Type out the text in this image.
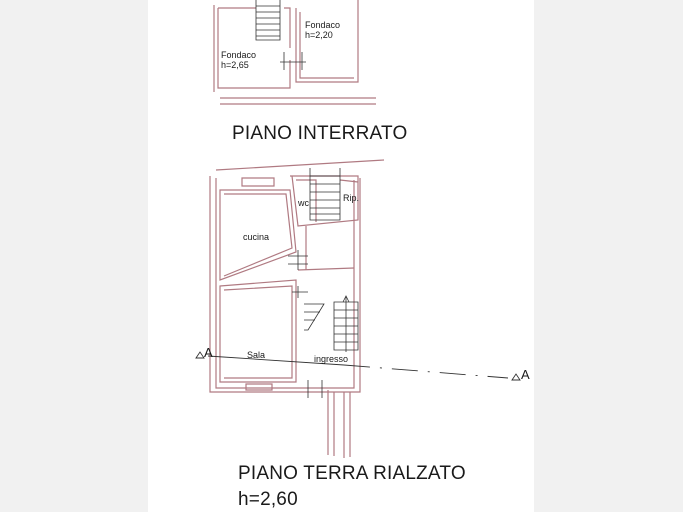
Fondaco
h=2,65
Fondaco
h=2,20
PIANO INTERRATO
cucina
wc	Rip.
Sala	ingresso
PIANO TERRA RIALZATO
h=2,60
A
A
